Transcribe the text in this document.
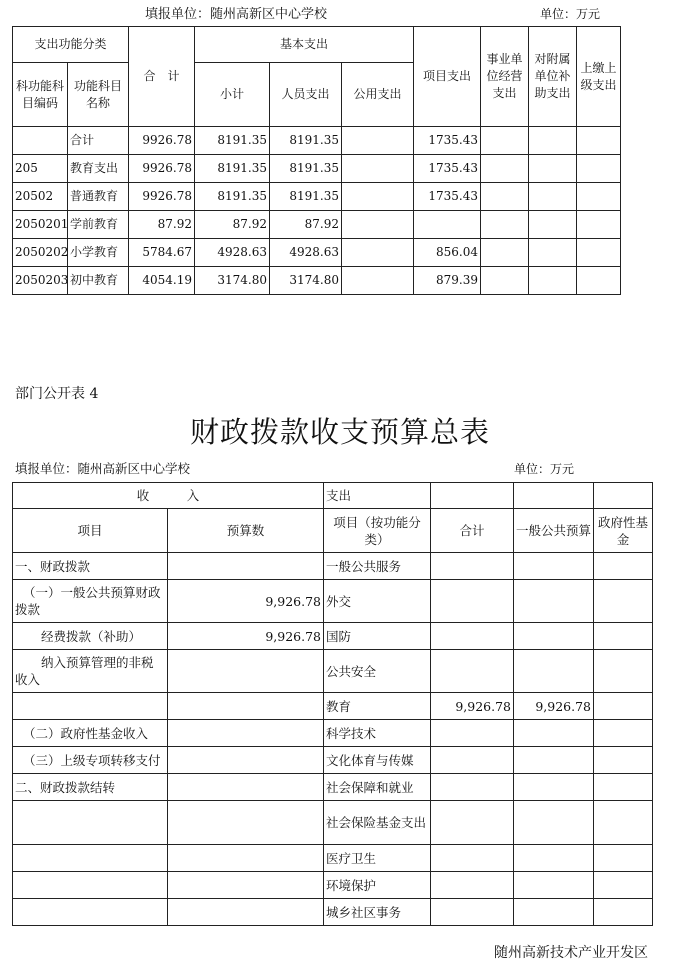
填报单位：随州高新区中心学校	单位：万元
支出功能分类		合　计	基本支出			项目支出	事业单位经营支出	对附属单位补助支出	上缴上级支出
科功能科目编码	功能科目名称		小计	人员支出	公用支出				
	合计	9926.78	8191.35	8191.35		1735.43			
205	教育支出	9926.78	8191.35	8191.35		1735.43			
20502	普通教育	9926.78	8191.35	8191.35		1735.43			
2050201	学前教育	87.92	87.92	87.92					
2050202	小学教育	5784.67	4928.63	4928.63		856.04			
2050203	初中教育	4054.19	3174.80	3174.80		879.39			
部门公开表 4
财政拨款收支预算总表
填报单位：随州高新区中心学校	单位：万元
收　　　入		支出			
项目	预算数	项目（按功能分类）	合计	一般公共预算	政府性基金
一、财政拨款		一般公共服务			
（一）一般公共预算财政拨款	9,926.78	外交			
经费拨款（补助）	9,926.78	国防			
纳入预算管理的非税收入		公共安全			
		教育	9,926.78	9,926.78	
（二）政府性基金收入		科学技术			
（三）上级专项转移支付		文化体育与传媒			
二、财政拨款结转		社会保障和就业			
		社会保险基金支出			
		医疗卫生			
		环境保护			
		城乡社区事务			
随州高新技术产业开发区
